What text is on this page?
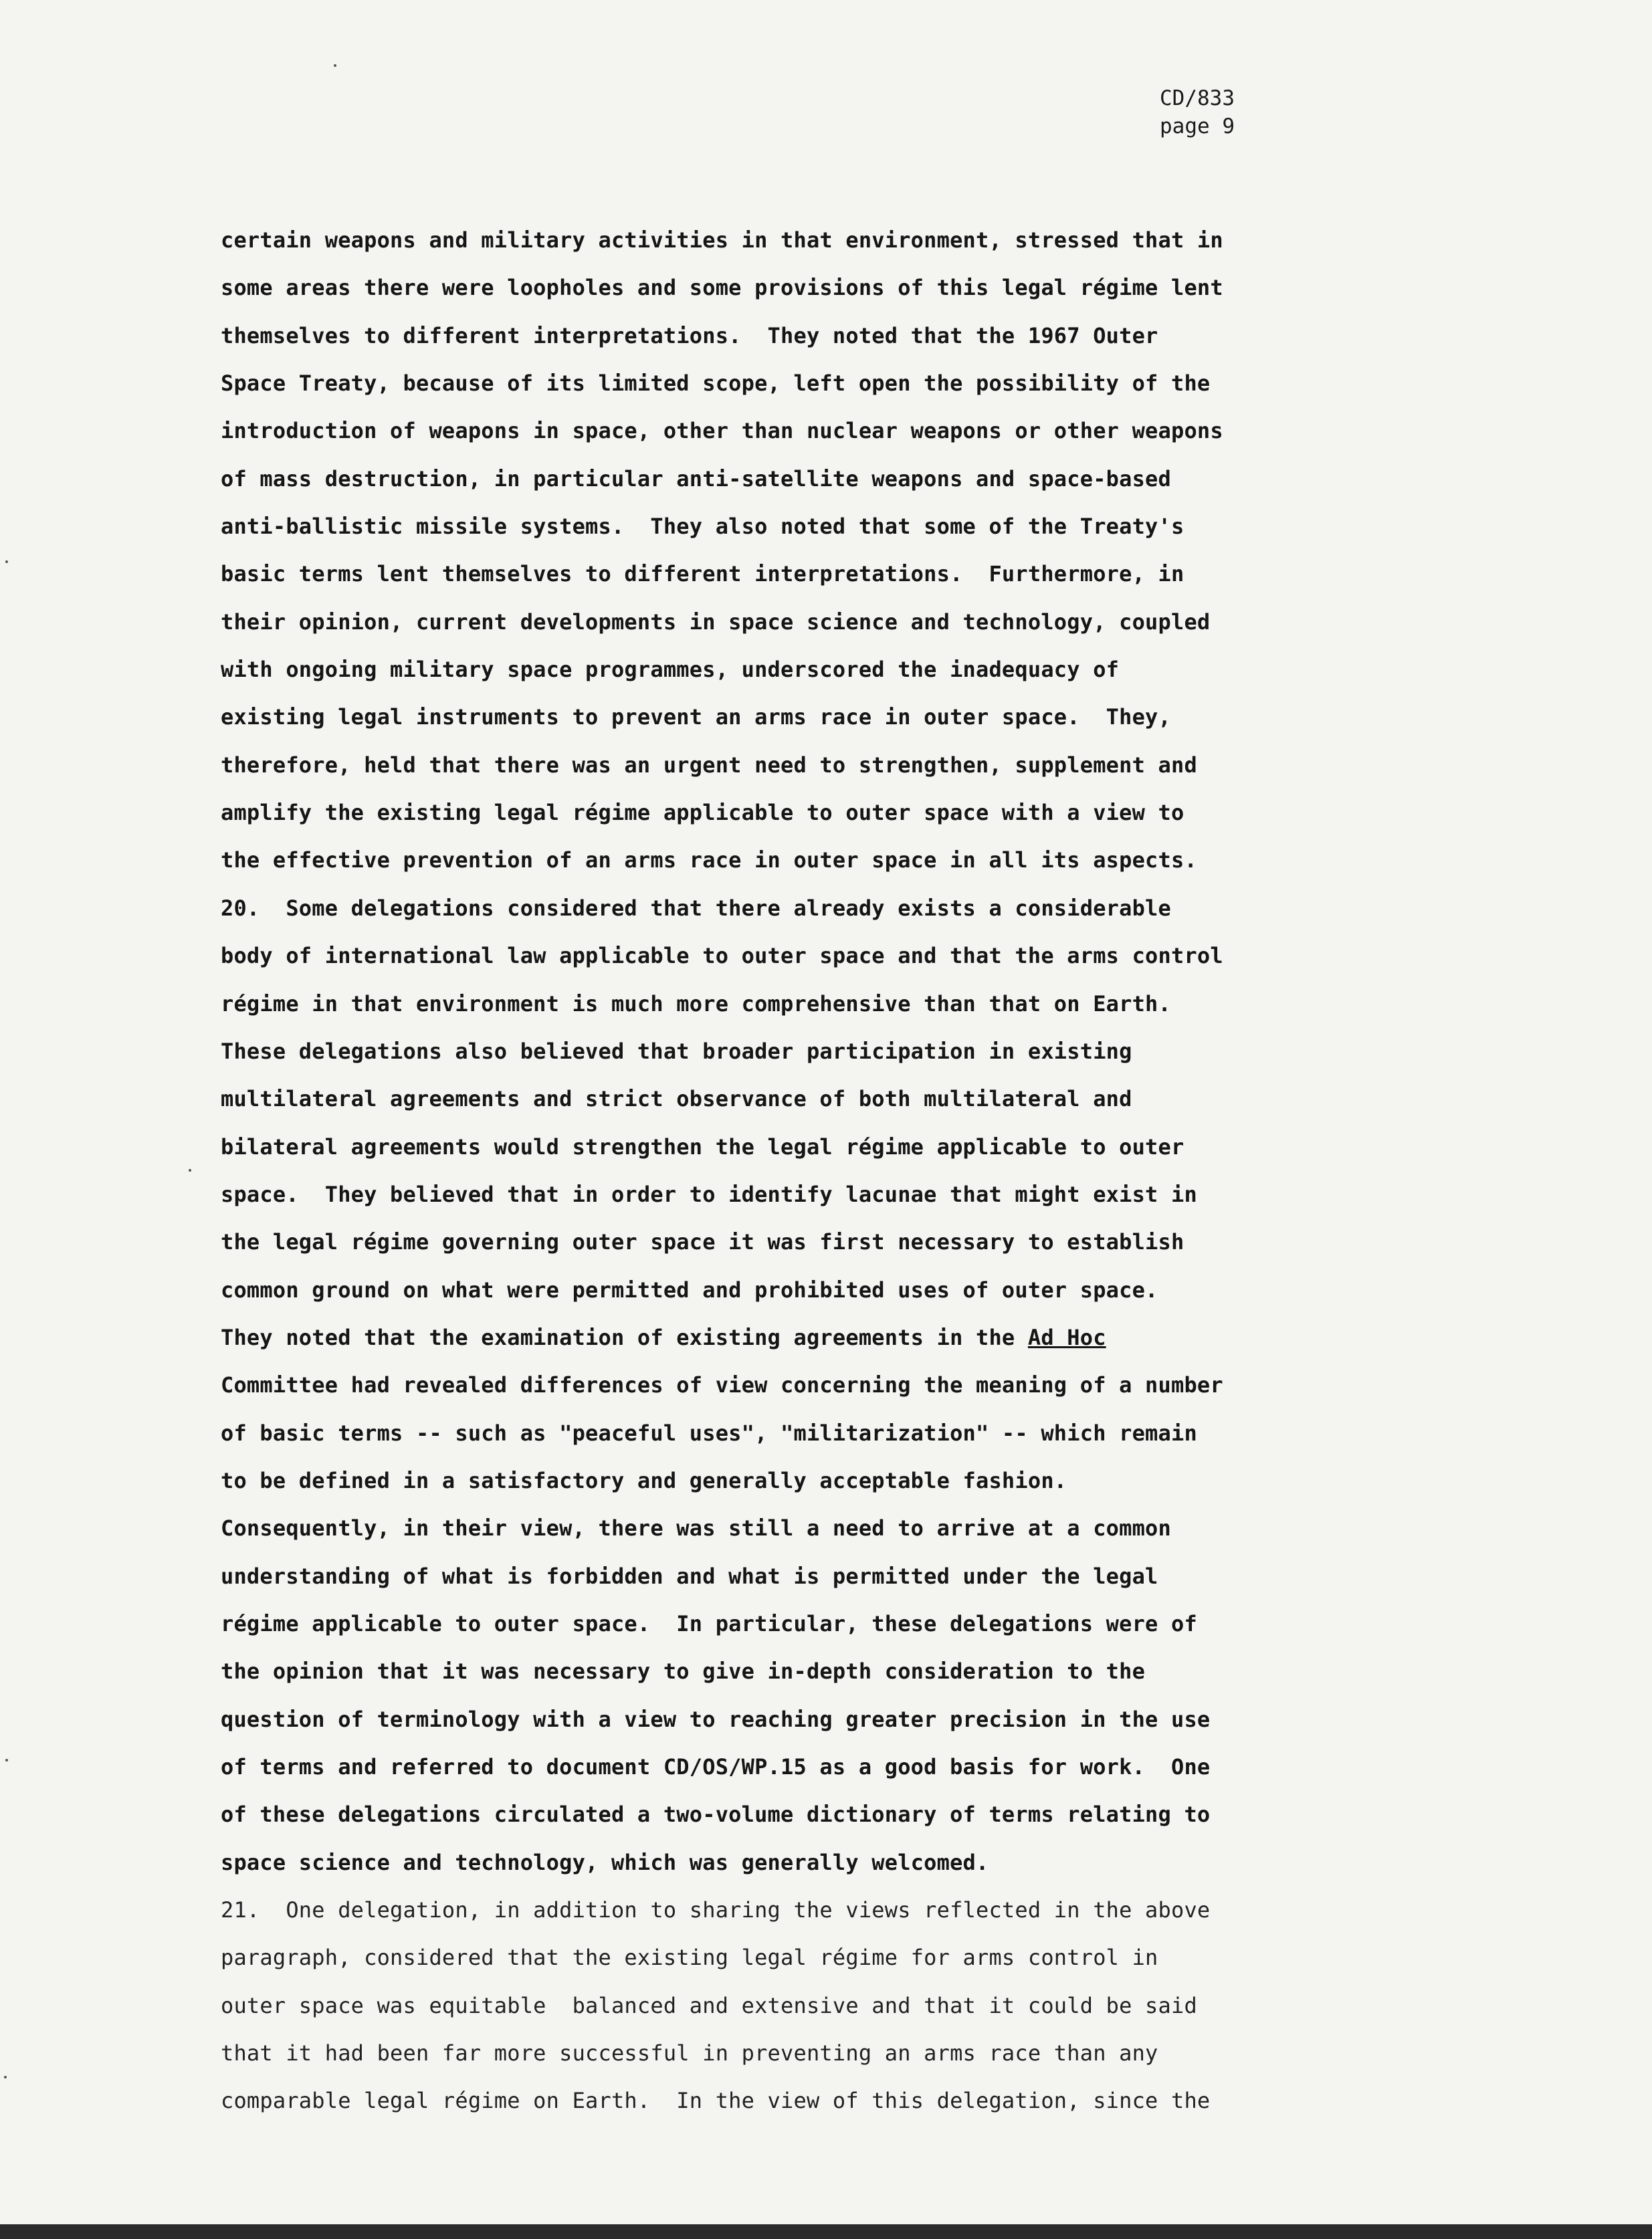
CD/833
page 9
certain weapons and military activities in that environment, stressed that in
some areas there were loopholes and some provisions of this legal régime lent
themselves to different interpretations.  They noted that the 1967 Outer
Space Treaty, because of its limited scope, left open the possibility of the
introduction of weapons in space, other than nuclear weapons or other weapons
of mass destruction, in particular anti-satellite weapons and space-based
anti-ballistic missile systems.  They also noted that some of the Treaty's
basic terms lent themselves to different interpretations.  Furthermore, in
their opinion, current developments in space science and technology, coupled
with ongoing military space programmes, underscored the inadequacy of
existing legal instruments to prevent an arms race in outer space.  They,
therefore, held that there was an urgent need to strengthen, supplement and
amplify the existing legal régime applicable to outer space with a view to
the effective prevention of an arms race in outer space in all its aspects.
20.  Some delegations considered that there already exists a considerable
body of international law applicable to outer space and that the arms control
régime in that environment is much more comprehensive than that on Earth.
These delegations also believed that broader participation in existing
multilateral agreements and strict observance of both multilateral and
bilateral agreements would strengthen the legal régime applicable to outer
space.  They believed that in order to identify lacunae that might exist in
the legal régime governing outer space it was first necessary to establish
common ground on what were permitted and prohibited uses of outer space.
They noted that the examination of existing agreements in the Ad Hoc
Committee had revealed differences of view concerning the meaning of a number
of basic terms -- such as "peaceful uses", "militarization" -- which remain
to be defined in a satisfactory and generally acceptable fashion.
Consequently, in their view, there was still a need to arrive at a common
understanding of what is forbidden and what is permitted under the legal
régime applicable to outer space.  In particular, these delegations were of
the opinion that it was necessary to give in-depth consideration to the
question of terminology with a view to reaching greater precision in the use
of terms and referred to document CD/OS/WP.15 as a good basis for work.  One
of these delegations circulated a two-volume dictionary of terms relating to
space science and technology, which was generally welcomed.
21.  One delegation, in addition to sharing the views reflected in the above
paragraph, considered that the existing legal régime for arms control in
outer space was equitable  balanced and extensive and that it could be said
that it had been far more successful in preventing an arms race than any
comparable legal régime on Earth.  In the view of this delegation, since the
